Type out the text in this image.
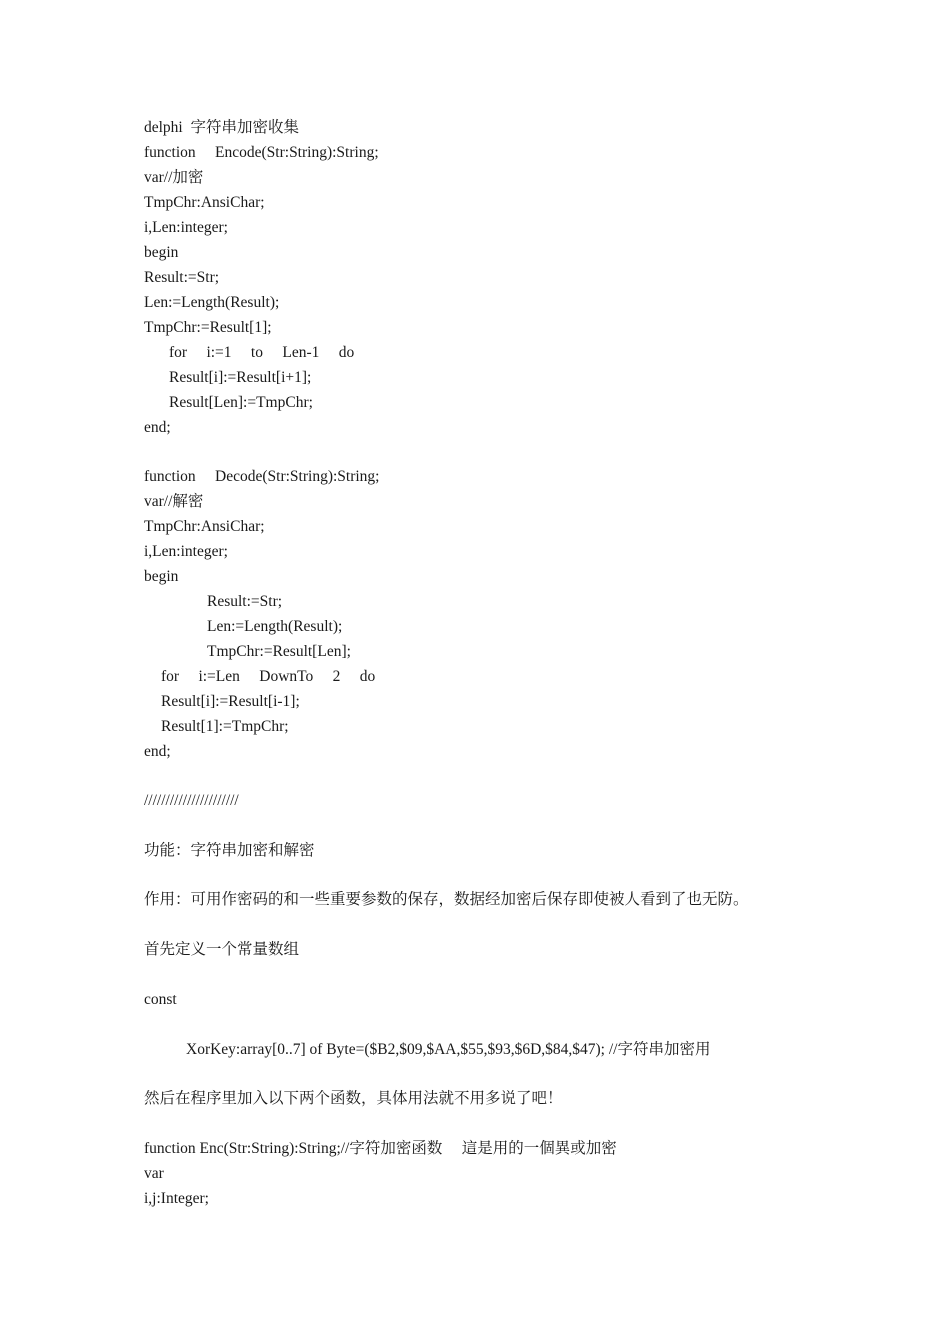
delphi  字符串加密收集
function     Encode(Str:String):String;
var//加密
TmpChr:AnsiChar;
i,Len:integer;
begin
Result:=Str;
Len:=Length(Result);
TmpChr:=Result[1];
for     i:=1     to     Len-1     do
Result[i]:=Result[i+1];
Result[Len]:=TmpChr;
end;
function     Decode(Str:String):String;
var//解密
TmpChr:AnsiChar;
i,Len:integer;
begin
Result:=Str;
Len:=Length(Result);
TmpChr:=Result[Len];
for     i:=Len     DownTo     2     do
Result[i]:=Result[i-1];
Result[1]:=TmpChr;
end;
//////////////////////
功能：字符串加密和解密
作用：可用作密码的和一些重要参数的保存，数据经加密后保存即使被人看到了也无防。
首先定义一个常量数组
const
XorKey:array[0..7] of Byte=($B2,$09,$AA,$55,$93,$6D,$84,$47); //字符串加密用
然后在程序里加入以下两个函数，具体用法就不用多说了吧！
function Enc(Str:String):String;//字符加密函数     這是用的一個異或加密
var
i,j:Integer;
